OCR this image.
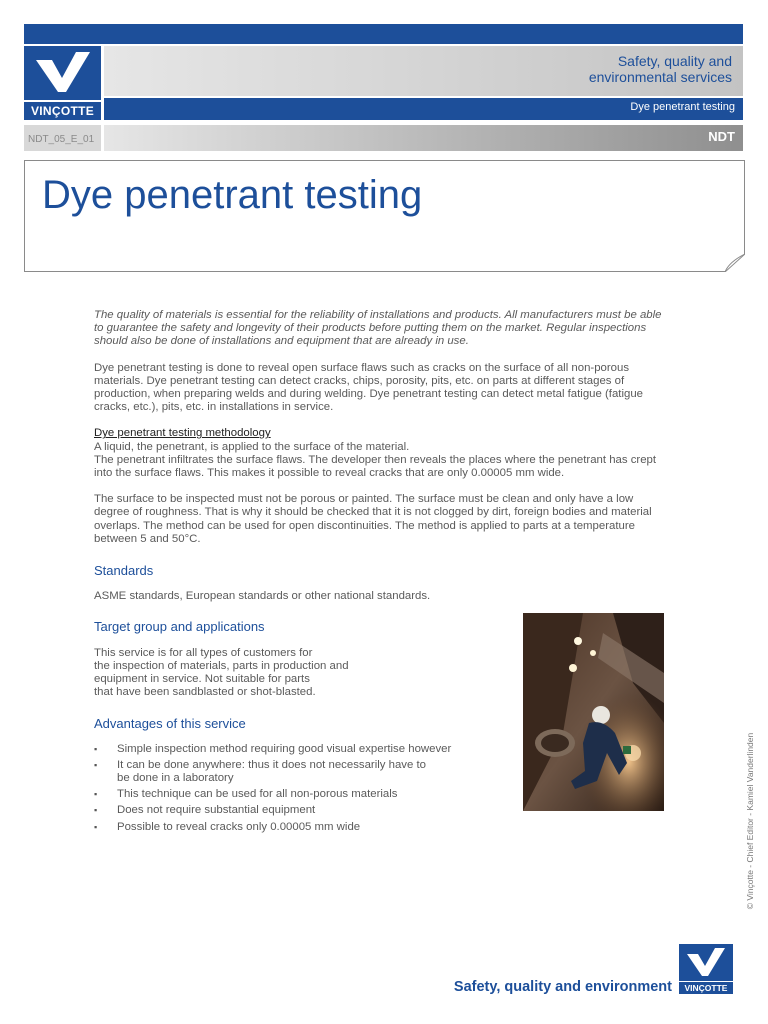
VINÇOTTE
Safety, quality and
environmental services
Dye penetrant testing
NDT_05_E_01	NDT
Dye penetrant testing

The quality of materials is essential for the reliability of installations and products. All manufacturers must be able to guarantee the safety and longevity of their products before putting them on the market. Regular inspections should also be done of installations and equipment that are already in use.

Dye penetrant testing is done to reveal open surface flaws such as cracks on the surface of all non-porous materials. Dye penetrant testing can detect cracks, chips, porosity, pits, etc. on parts at different stages of production, when preparing welds and during welding. Dye penetrant testing can detect metal fatigue (fatigue cracks, etc.), pits, etc. in installations in service.

Dye penetrant testing methodology
A liquid, the penetrant, is applied to the surface of the material.
The penetrant infiltrates the surface flaws. The developer then reveals the places where the penetrant has crept into the surface flaws. This makes it possible to reveal cracks that are only 0.00005 mm wide.

The surface to be inspected must not be porous or painted. The surface must be clean and only have a low degree of roughness. That is why it should be checked that it is not clogged by dirt, foreign bodies and material overlaps. The method can be used for open discontinuities. The method is applied to parts at a temperature between 5 and 50°C.

Standards

ASME standards, European standards or other national standards.

Target group and applications

This service is for all types of customers for
the inspection of materials, parts in production and
equipment in service. Not suitable for parts
that have been sandblasted or shot-blasted.

Advantages of this service
▪ Simple inspection method requiring good visual expertise however
▪ It can be done anywhere: thus it does not necessarily have to be done in a laboratory
▪ This technique can be used for all non-porous materials
▪ Does not require substantial equipment
▪ Possible to reveal cracks only 0.00005 mm wide	© Vinçotte - Chief Editor - Kamiel Vanderlinden
Safety, quality and environment	VINÇOTTE
